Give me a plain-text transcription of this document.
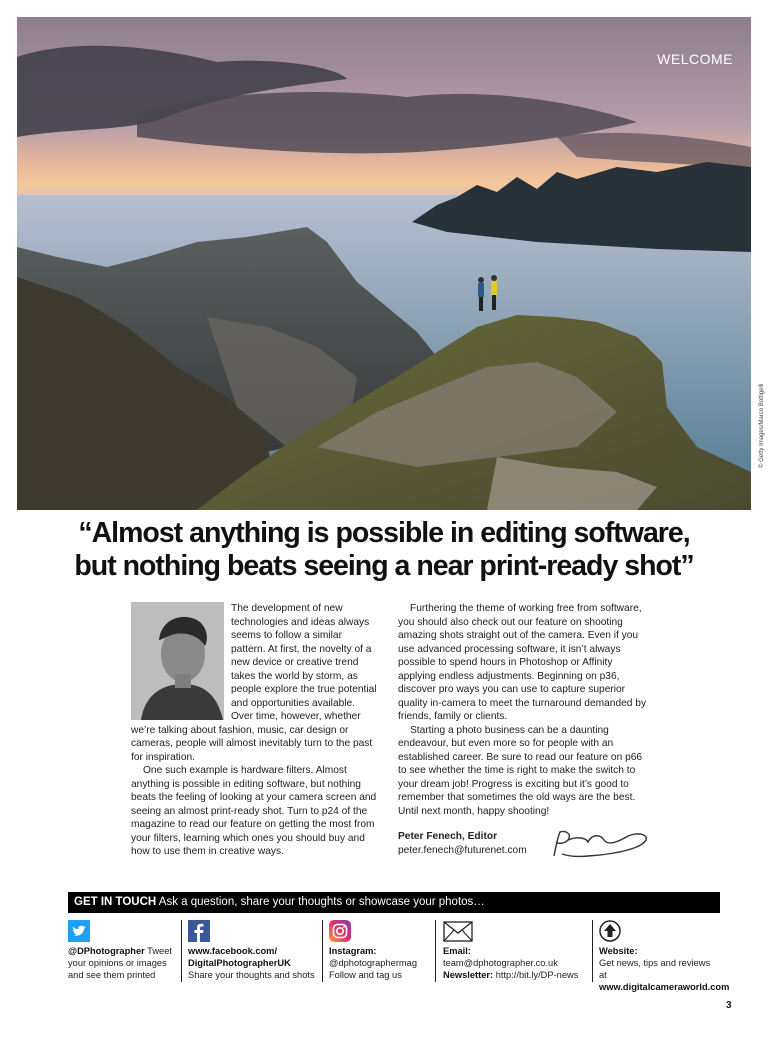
WELCOME
© Getty Images/Marco Bottigelli
“Almost anything is possible in editing software,
but nothing beats seeing a near print-ready shot”

The development of new technologies and ideas always seems to follow a similar pattern. At first, the novelty of a new device or creative trend takes the world by storm, as people explore the true potential and opportunities available. Over time, however, whether we’re talking about fashion, music, car design or cameras, people will almost inevitably turn to the past for inspiration.

One such example is hardware filters. Almost anything is possible in editing software, but nothing beats the feeling of looking at your camera screen and seeing an almost print-ready shot. Turn to p24 of the magazine to read our feature on getting the most from your filters, learning which ones you should buy and how to use them in creative ways.

Furthering the theme of working free from software, you should also check out our feature on shooting amazing shots straight out of the camera. Even if you use advanced processing software, it isn’t always possible to spend hours in Photoshop or Affinity applying endless adjustments. Beginning on p36, discover pro ways you can use to capture superior quality in-camera to meet the turnaround demanded by friends, family or clients.

Starting a photo business can be a daunting endeavour, but even more so for people with an established career. Be sure to read our feature on p66 to see whether the time is right to make the switch to your dream job! Progress is exciting but it’s good to remember that sometimes the old ways are the best. Until next month, happy shooting!

Peter Fenech, Editor

peter.fenech@futurenet.com

GET IN TOUCH Ask a question, share your thoughts or showcase your photos…
@DPhotographer Tweet
your opinions or images
and see them printed
www.facebook.com/
DigitalPhotographerUK
Share your thoughts and shots
Instagram:
@dphotographermag
Follow and tag us
Email:
team@dphotographer.co.uk
Newsletter: http://bit.ly/DP-news
Website:
Get news, tips and reviews at
www.digitalcameraworld.com
3
